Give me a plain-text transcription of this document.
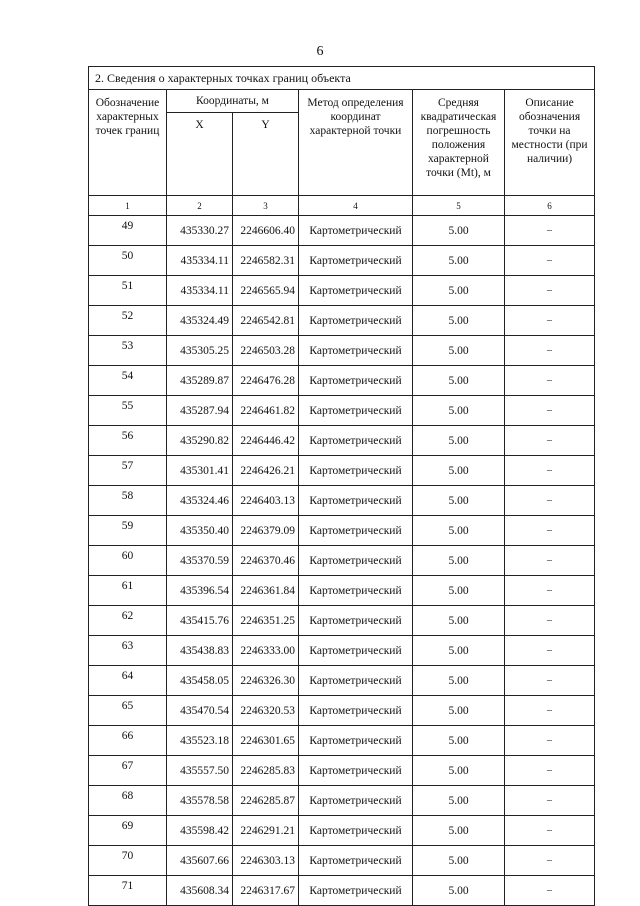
6
2. Сведения о характерных точках границ объекта					
Обозначение характерных точек границ	Координаты, м		Метод определения координат характерной точки	Средняя квадратическая погрешность положения характерной точки (Mt), м	Описание обозначения точки на местности (при наличии)
	X	Y			
1	2	3	4	5	6
49	435330.27	2246606.40	Картометрический	5.00	–
50	435334.11	2246582.31	Картометрический	5.00	–
51	435334.11	2246565.94	Картометрический	5.00	–
52	435324.49	2246542.81	Картометрический	5.00	–
53	435305.25	2246503.28	Картометрический	5.00	–
54	435289.87	2246476.28	Картометрический	5.00	–
55	435287.94	2246461.82	Картометрический	5.00	–
56	435290.82	2246446.42	Картометрический	5.00	–
57	435301.41	2246426.21	Картометрический	5.00	–
58	435324.46	2246403.13	Картометрический	5.00	–
59	435350.40	2246379.09	Картометрический	5.00	–
60	435370.59	2246370.46	Картометрический	5.00	–
61	435396.54	2246361.84	Картометрический	5.00	–
62	435415.76	2246351.25	Картометрический	5.00	–
63	435438.83	2246333.00	Картометрический	5.00	–
64	435458.05	2246326.30	Картометрический	5.00	–
65	435470.54	2246320.53	Картометрический	5.00	–
66	435523.18	2246301.65	Картометрический	5.00	–
67	435557.50	2246285.83	Картометрический	5.00	–
68	435578.58	2246285.87	Картометрический	5.00	–
69	435598.42	2246291.21	Картометрический	5.00	–
70	435607.66	2246303.13	Картометрический	5.00	–
71	435608.34	2246317.67	Картометрический	5.00	–
